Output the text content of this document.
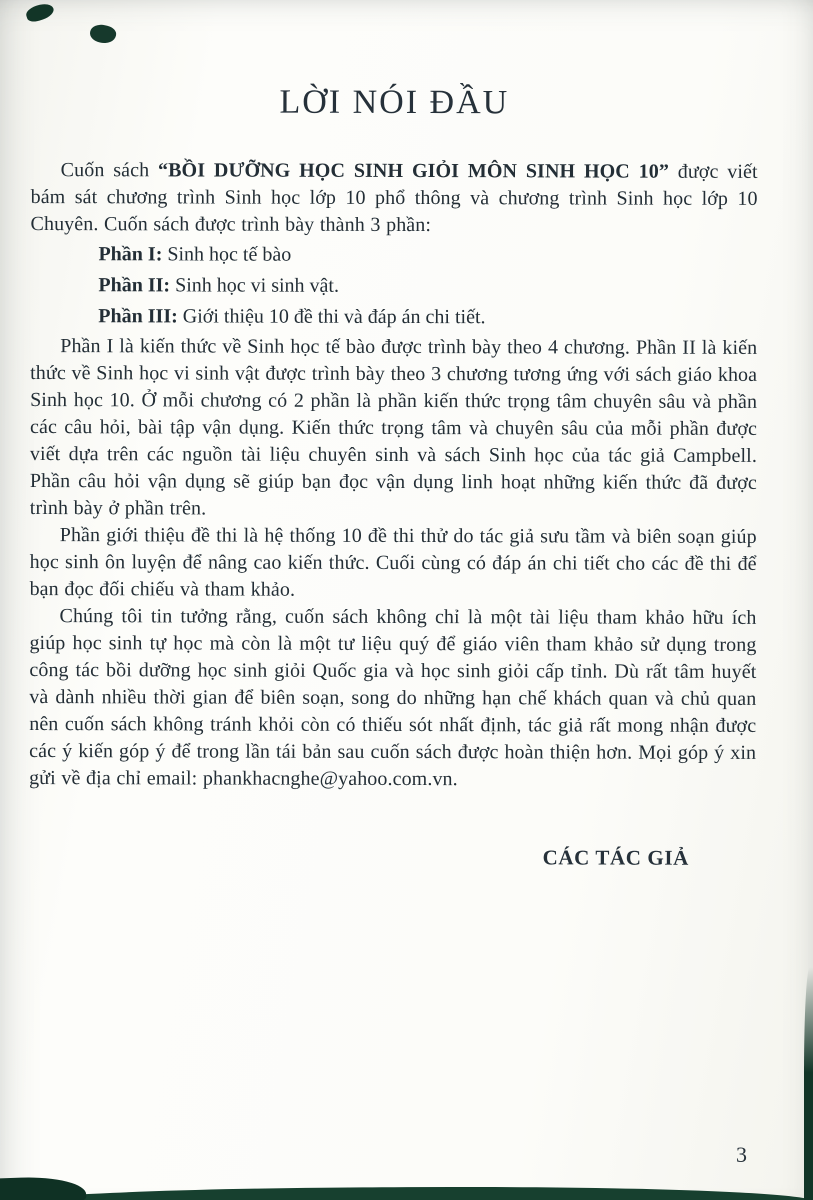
LỜI NÓI ĐẦU

Cuốn sách “BỒI DƯỠNG HỌC SINH GIỎI MÔN SINH HỌC 10” được viết bám sát chương trình Sinh học lớp 10 phổ thông và chương trình Sinh học lớp 10 Chuyên. Cuốn sách được trình bày thành 3 phần:

Phần I: Sinh học tế bào

Phần II: Sinh học vi sinh vật.

Phần III: Giới thiệu 10 đề thi và đáp án chi tiết.

Phần I là kiến thức về Sinh học tế bào được trình bày theo 4 chương. Phần II là kiến thức về Sinh học vi sinh vật được trình bày theo 3 chương tương ứng với sách giáo khoa Sinh học 10. Ở mỗi chương có 2 phần là phần kiến thức trọng tâm chuyên sâu và phần các câu hỏi, bài tập vận dụng. Kiến thức trọng tâm và chuyên sâu của mỗi phần được viết dựa trên các nguồn tài liệu chuyên sinh và sách Sinh học của tác giả Campbell. Phần câu hỏi vận dụng sẽ giúp bạn đọc vận dụng linh hoạt những kiến thức đã được trình bày ở phần trên.

Phần giới thiệu đề thi là hệ thống 10 đề thi thử do tác giả sưu tầm và biên soạn giúp học sinh ôn luyện để nâng cao kiến thức. Cuối cùng có đáp án chi tiết cho các đề thi để bạn đọc đối chiếu và tham khảo.

Chúng tôi tin tưởng rằng, cuốn sách không chỉ là một tài liệu tham khảo hữu ích giúp học sinh tự học mà còn là một tư liệu quý để giáo viên tham khảo sử dụng trong công tác bồi dưỡng học sinh giỏi Quốc gia và học sinh giỏi cấp tỉnh. Dù rất tâm huyết và dành nhiều thời gian để biên soạn, song do những hạn chế khách quan và chủ quan nên cuốn sách không tránh khỏi còn có thiếu sót nhất định, tác giả rất mong nhận được các ý kiến góp ý để trong lần tái bản sau cuốn sách được hoàn thiện hơn. Mọi góp ý xin gửi về địa chỉ email: phankhacnghe@yahoo.com.vn.

CÁC TÁC GIẢ

3
